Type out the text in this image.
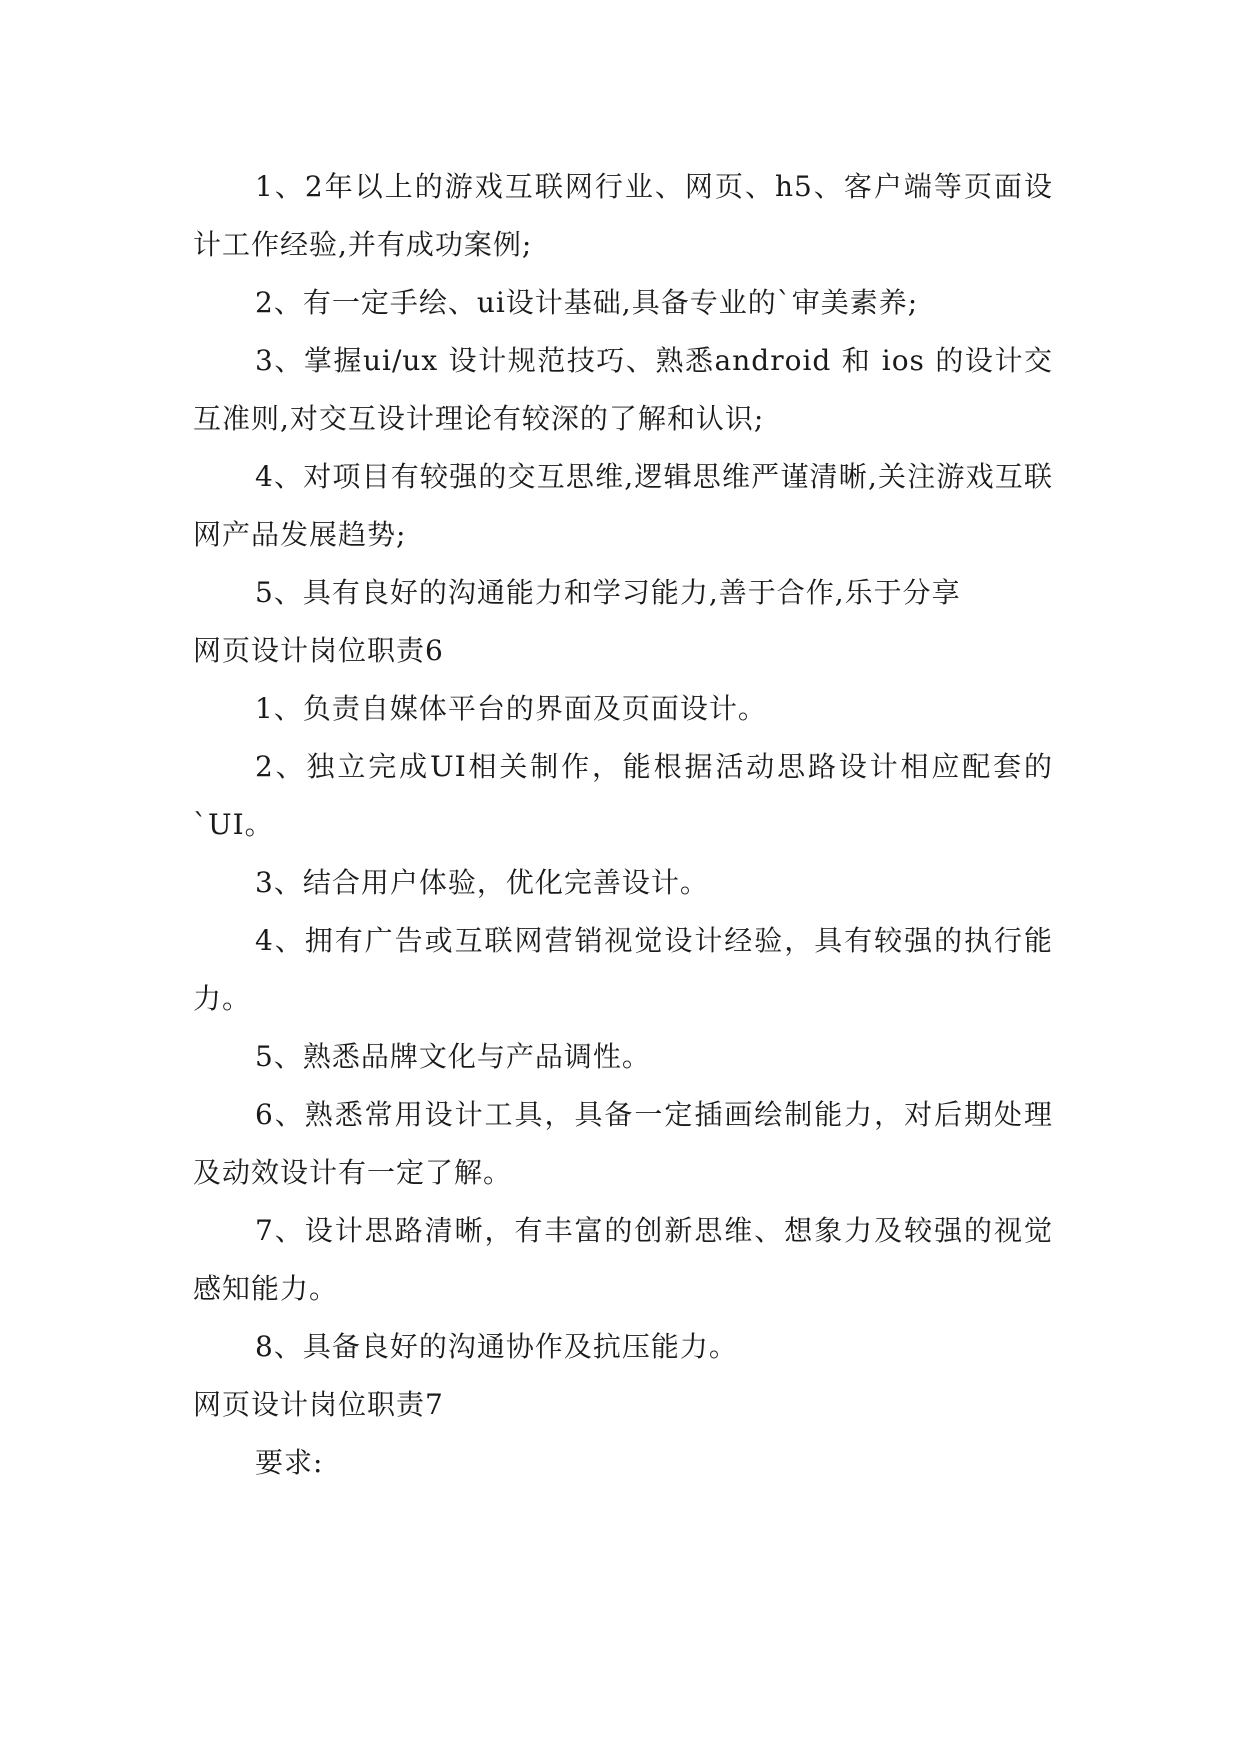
1、2年以上的游戏互联网行业、网页、h5、客户端等页面设计工作经验,并有成功案例;

2、有一定手绘、ui设计基础,具备专业的`审美素养;

3、掌握ui/ux 设计规范技巧、熟悉android 和 ios 的设计交互准则,对交互设计理论有较深的了解和认识;

4、对项目有较强的交互思维,逻辑思维严谨清晰,关注游戏互联网产品发展趋势;

5、具有良好的沟通能力和学习能力,善于合作,乐于分享

网页设计岗位职责6

1、负责自媒体平台的界面及页面设计。

2、独立完成UI相关制作，能根据活动思路设计相应配套的`UI。

3、结合用户体验，优化完善设计。

4、拥有广告或互联网营销视觉设计经验，具有较强的执行能力。

5、熟悉品牌文化与产品调性。

6、熟悉常用设计工具，具备一定插画绘制能力，对后期处理及动效设计有一定了解。

7、设计思路清晰，有丰富的创新思维、想象力及较强的视觉感知能力。

8、具备良好的沟通协作及抗压能力。

网页设计岗位职责7

要求:
